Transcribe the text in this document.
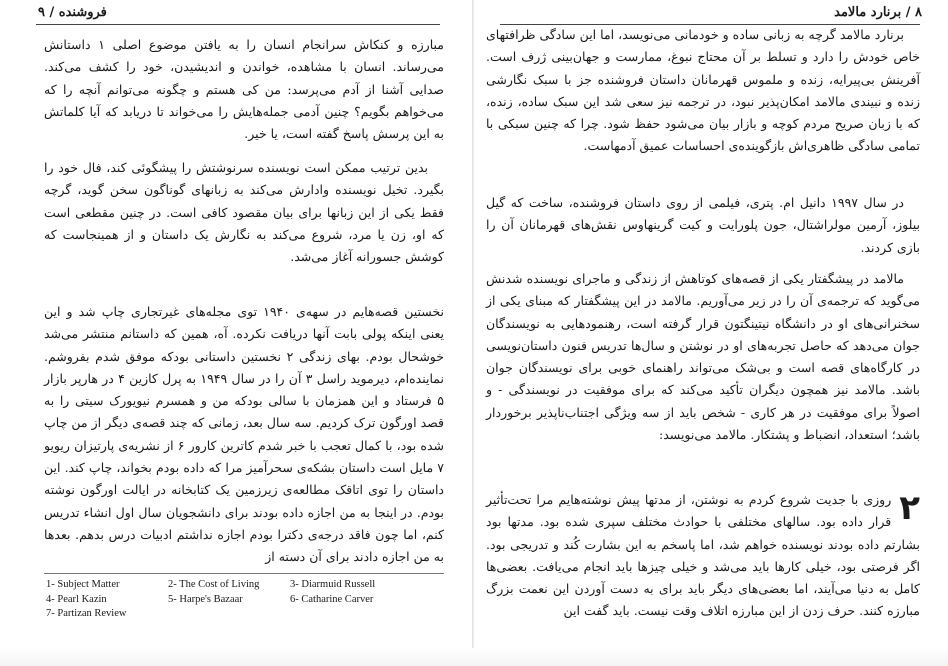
فروشنده / ۹

مبارزه و کنکاش سرانجام انسان را به یافتن موضوع اصلی ۱ داستانش می‌رساند. انسان با مشاهده، خواندن و اندیشیدن، خود را کشف می‌کند. صدایی آشنا از آدم می‌پرسد: من کی هستم و چگونه می‌توانم آنچه را که می‌خواهم بگویم؟ چنین آدمی جمله‌هایش را می‌خواند تا دریابد که آیا کلماتش به این پرسش پاسخ گفته است، یا خیر.

بدین ترتیب ممکن است نویسنده سرنوشتش را پیشگوئی کند، فال خود را بگیرد. تخیل نویسنده وادارش می‌کند به زبانهای گوناگون سخن گوید، گرچه فقط یکی از این زبانها برای بیان مقصود کافی است. در چنین مقطعی است که او، زن یا مرد، شروع می‌کند به نگارش یک داستان و از همینجاست که کوشش جسورانه آغاز می‌شد.

نخستین قصه‌هایم در سهه‌ی ۱۹۴۰ توی مجله‌های غیرتجاری چاپ شد و این یعنی اینکه پولی بابت آنها دریافت نکرده. آه، همین که داستانم منتشر می‌شد خوشحال بودم. بهای زندگی ۲ نخستین داستانی بودکه موفق شدم بفروشم. نماینده‌ام، دیرموید راسل ۳ آن را در سال ۱۹۴۹ به پرل کازین ۴ در هارپر بازار ۵ فرستاد و این همزمان با سالی بودکه من و همسرم نیویورک سیتی را به قصد اورگون ترک کردیم. سه سال بعد، زمانی که چند قصه‌ی دیگر از من چاپ شده بود، با کمال تعجب با خبر شدم کاترین کارور ۶ از نشریه‌ی پارتیزان ریویو ۷ مایل است داستان بشکه‌ی سحرآمیز مرا که داده بودم بخواند، چاپ کند. این داستان را توی اتاقک مطالعه‌ی زیرزمین یک کتابخانه در ایالت اورگون نوشته بودم. در اینجا به من اجازه داده بودند برای دانشجویان سال اول انشاء تدریس کنم، اما چون فاقد درجه‌ی دکترا بودم اجازه نداشتم ادبیات درس بدهم. بعدها به من اجازه دادند برای آن دسته از

1- Subject Matter	2- The Cost of Living	3- Diarmuid Russell
4- Pearl Kazin	5- Harpe's Bazaar	6- Catharine Carver
7- Partizan Review
۸ / برنارد مالامد

برنارد مالامد گرچه به زبانی ساده و خودمانی می‌نویسد، اما این سادگی ظرافتهای خاص خودش را دارد و تسلط بر آن محتاج نبوغ، ممارست و جهان‌بینی ژرف است. آفرینش بی‌پیرایه، زنده و ملموس قهرمانان داستان فروشنده جز با سبک نگارشی زنده و نبیندی مالامد امکان‌پذیر نبود، در ترجمه نیز سعی شد این سبک ساده، زنده، که با زبان صریح مردم کوچه و بازار بیان می‌شود حفظ شود. چرا که چنین سبکی با تمامی سادگی ظاهری‌اش بازگوینده‌ی احساسات عمیق آدمهاست.

در سال ۱۹۹۷ دانیل ام. پتری، فیلمی از روی داستان فروشنده، ساخت که گیل بیلوز، آرمین مولراشتال، جون پلورایت و کیت گرینهاوس نقش‌های قهرمانان آن را بازی کردند.

مالامد در پیشگفتار یکی از قصه‌های کوتاهش از زندگی و ماجرای نویسنده شدنش می‌گوید که ترجمه‌ی آن را در زیر می‌آوریم. مالامد در این پیشگفتار که مبنای یکی از سخنرانی‌های او در دانشگاه نیتینگتون قرار گرفته است، رهنمودهایی به نویسندگان جوان می‌دهد که حاصل تجربه‌های او در نوشتن و سال‌ها تدریس فنون داستان‌نویسی در کارگاه‌های قصه است و بی‌شک می‌تواند راهنمای خوبی برای نویسندگان جوان باشد. مالامد نیز همچون دیگران تأکید می‌کند که برای موفقیت در نویسندگی - و اصولاً برای موفقیت در هر کاری - شخص باید از سه ویژگی اجتناب‌ناپذیر برخوردار باشد؛ استعداد، انضباط و پشتکار. مالامد می‌نویسد:

۲

روزی با جدیت شروع کردم به نوشتن، از مدتها پیش نوشته‌هایم مرا تحت‌تأثیر قرار داده بود. سالهای مختلفی با حوادث مختلف سپری شده بود. مدتها بود بشارتم داده بودند نویسنده خواهم شد، اما پاسخم به این بشارت کُند و تدریجی بود. اگر فرصتی بود، خیلی کارها باید می‌شد و خیلی چیزها باید انجام می‌یافت. بعضی‌ها کامل به دنیا می‌آیند، اما بعضی‌های دیگر باید برای به دست آوردن این نعمت بزرگ مبارزه کنند. حرف زدن از این مبارزه اتلاف وقت نیست. باید گفت این
